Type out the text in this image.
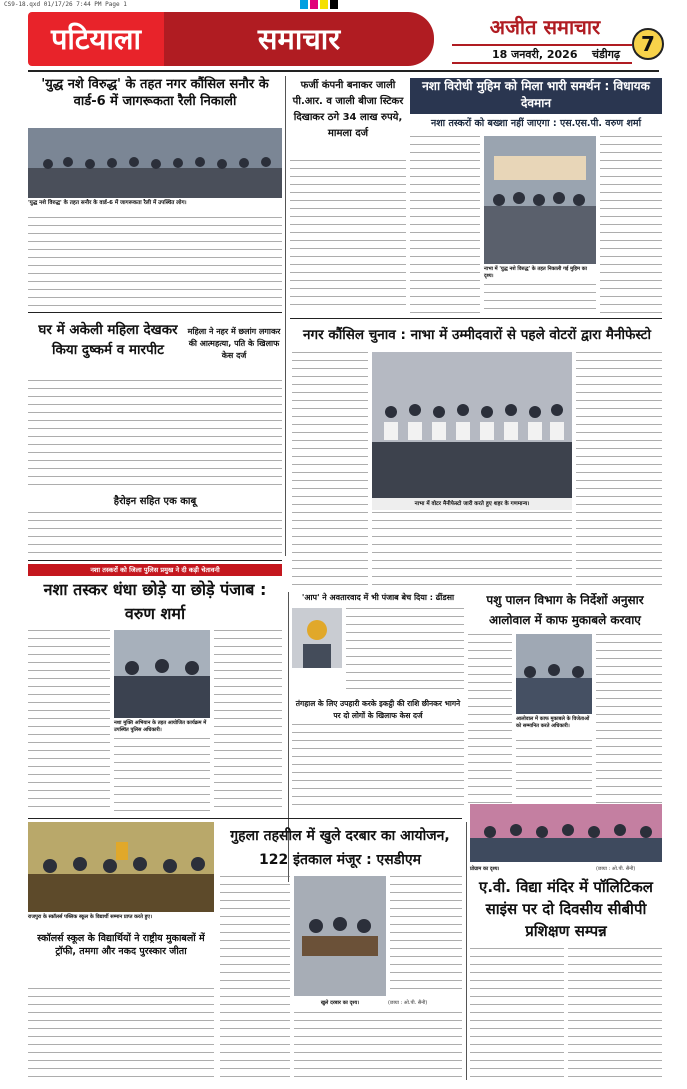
CS9-18.qxd 01/17/26 7:44 PM Page 1
पटियाला	समाचार	अजीत समाचार
18 जनवरी, 2026 चंडीगढ़	7
'युद्ध नशे विरुद्ध' के तहत नगर कौंसिल सनौर के वार्ड-6 में जागरूकता रैली निकाली
'युद्ध नशे विरुद्ध' के तहत सनौर के वार्ड-6 में जागरूकता रैली में उपस्थित लोग।
फर्जी कंपनी बनाकर जाली पी.आर. व जाली बीजा स्टिकर दिखाकर ठगे 34 लाख रुपये, मामला दर्ज
नशा विरोधी मुहिम को मिला भारी समर्थन : विधायक देवमान
नशा तस्करों को बख्शा नहीं जाएगा : एस.एस.पी. वरुण शर्मा
नाभा में 'युद्ध नशे विरुद्ध' के तहत निकाली गई मुहिम का दृश्य।
घर में अकेली महिला देखकर किया दुष्कर्म व मारपीट
महिला ने नहर में छलांग लगाकर की आत्महत्या, पति के खिलाफ केस दर्ज
नगर कौंसिल चुनाव : नाभा में उम्मीदवारों से पहले वोटरों द्वारा मैनीफेस्टो
नाभा में वोटर मैनीफेस्टो जारी करते हुए शहर के गणमान्य।
हैरोइन सहित एक काबू
नशा तस्करों को जिला पुलिस प्रमुख ने दी कड़ी चेतावनी
नशा तस्कर धंधा छोड़े या छोड़े पंजाब : वरुण शर्मा
नशा मुक्ति अभियान के तहत आयोजित कार्यक्रम में उपस्थित पुलिस अधिकारी।
'आप' ने अवतारवाद में भी पंजाब बेच दिया : ढींडसा
तंगहाल के लिए उपहारी करके इकट्ठी की राशि छीनकर भागने पर दो लोगों के खिलाफ केस दर्ज
पशु पालन विभाग के निर्देशों अनुसार आलोवाल में काफ मुकाबले करवाए
आलोवाल में काफ मुकाबले के विजेताओं को सम्मानित करते अधिकारी।
राजपुरा के स्कॉलर्स पब्लिक स्कूल के विद्यार्थी सम्मान प्राप्त करते हुए।
स्कॉलर्स स्कूल के विद्यार्थियों ने राष्ट्रीय मुकाबलों में ट्रॉफी, तमगा और नकद पुरस्कार जीता
गुहला तहसील में खुले दरबार का आयोजन, 122 इंतकाल मंजूर : एसडीएम
खुले दरबार का दृश्य।	(छाया : ओ.पी. सैनी)
प्रोग्राम का दृश्य।	(छाया : ओ.पी. सैनी)
ए.वी. विद्या मंदिर में पॉलिटिकल साइंस पर दो दिवसीय सीबीपी प्रशिक्षण सम्पन्न
